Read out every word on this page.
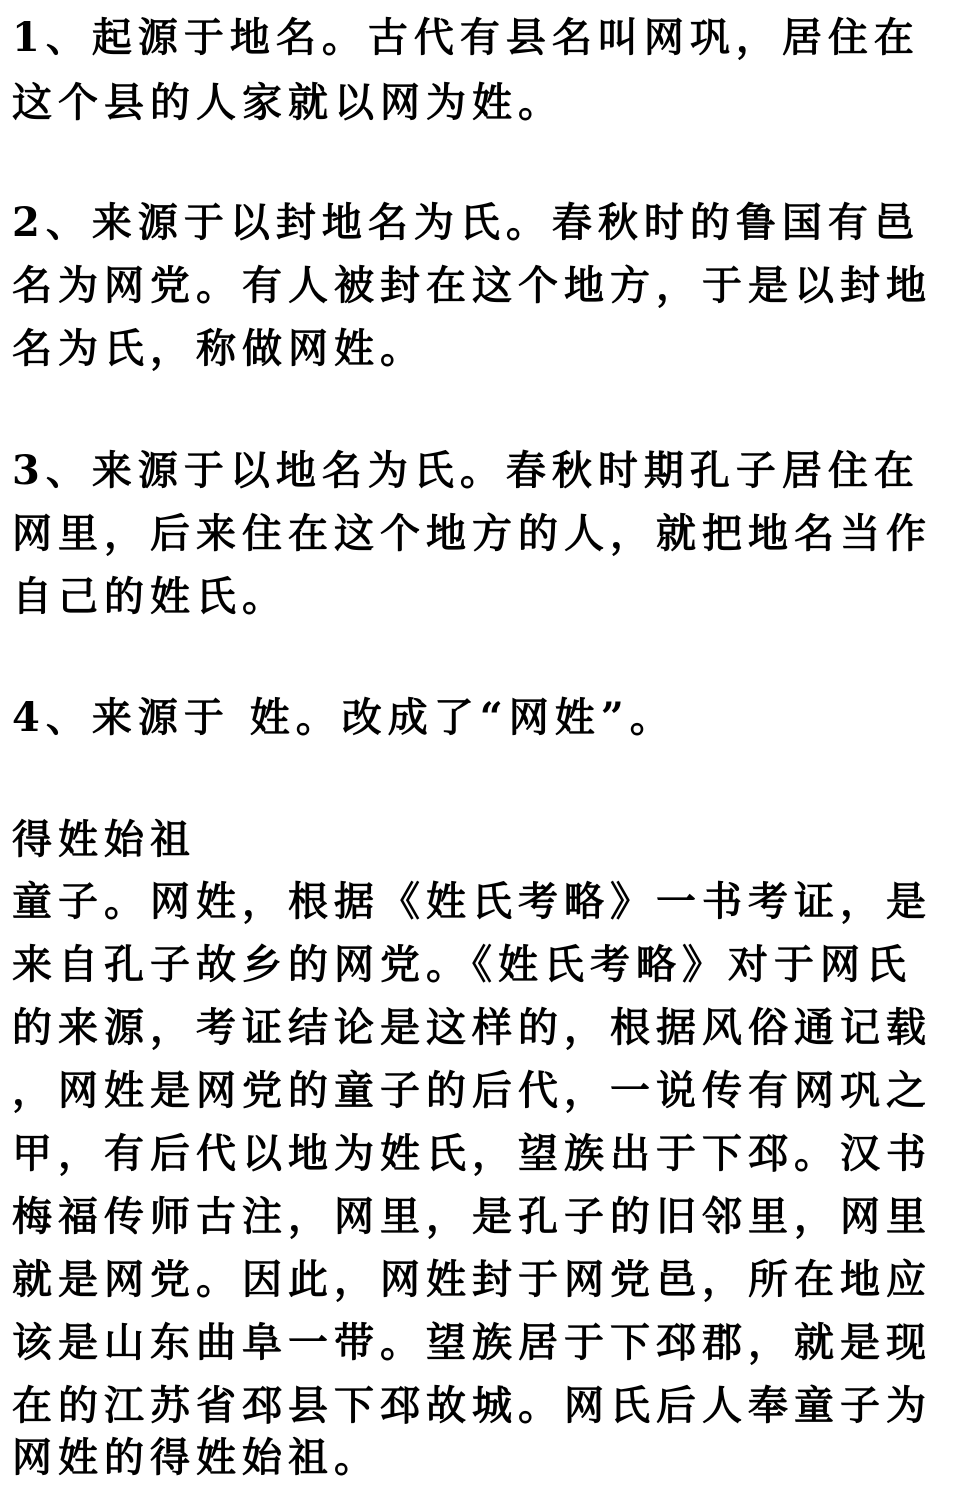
1、起源于地名。古代有县名叫网巩，居住在
这个县的人家就以网为姓。
2、来源于以封地名为氏。春秋时的鲁国有邑
名为网党。有人被封在这个地方，于是以封地
名为氏，称做网姓。
3、来源于以地名为氏。春秋时期孔子居住在
网里，后来住在这个地方的人，就把地名当作
自己的姓氏。
4、来源于 姓。改成了“网姓”。
得姓始祖
童子。网姓，根据《姓氏考略》一书考证，是
来自孔子故乡的网党。《姓氏考略》对于网氏
的来源，考证结论是这样的，根据风俗通记载
，网姓是网党的童子的后代，一说传有网巩之
甲，有后代以地为姓氏，望族出于下邳。汉书
梅福传师古注，网里，是孔子的旧邻里，网里
就是网党。因此，网姓封于网党邑，所在地应
该是山东曲阜一带。望族居于下邳郡，就是现
在的江苏省邳县下邳故城。网氏后人奉童子为
网姓的得姓始祖。
